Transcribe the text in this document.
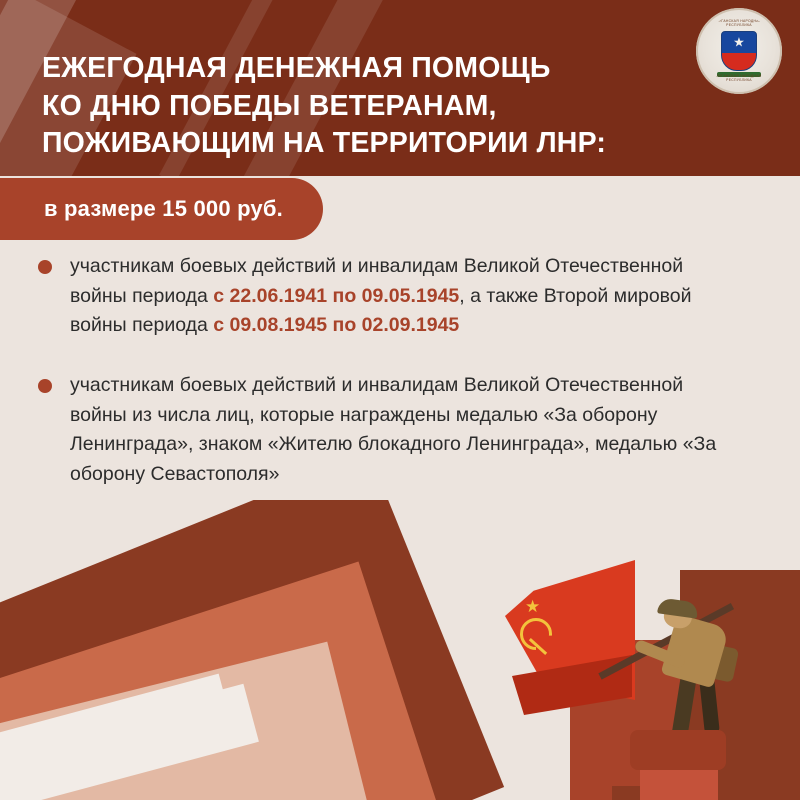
ЛУГАНСКАЯ НАРОДНАЯ РЕСПУБЛИКА
★
ЛУГАНСКАЯ НАРОДНАЯ РЕСПУБЛИКА
ЕЖЕГОДНАЯ ДЕНЕЖНАЯ ПОМОЩЬ
КО ДНЮ ПОБЕДЫ ВЕТЕРАНАМ,
ПОЖИВАЮЩИМ НА ТЕРРИТОРИИ ЛНР:
в размере 15 000 руб.
участникам боевых действий и инвалидам Великой Отечественной войны периода с 22.06.1941 по 09.05.1945, а также Второй мировой войны периода с 09.08.1945 по 02.09.1945
участникам боевых действий и инвалидам Великой Отечественной войны из числа лиц, которые награждены медалью «За оборону Ленинграда», знаком «Жителю блокадного Ленинграда», медалью «За оборону Севастополя»
★
